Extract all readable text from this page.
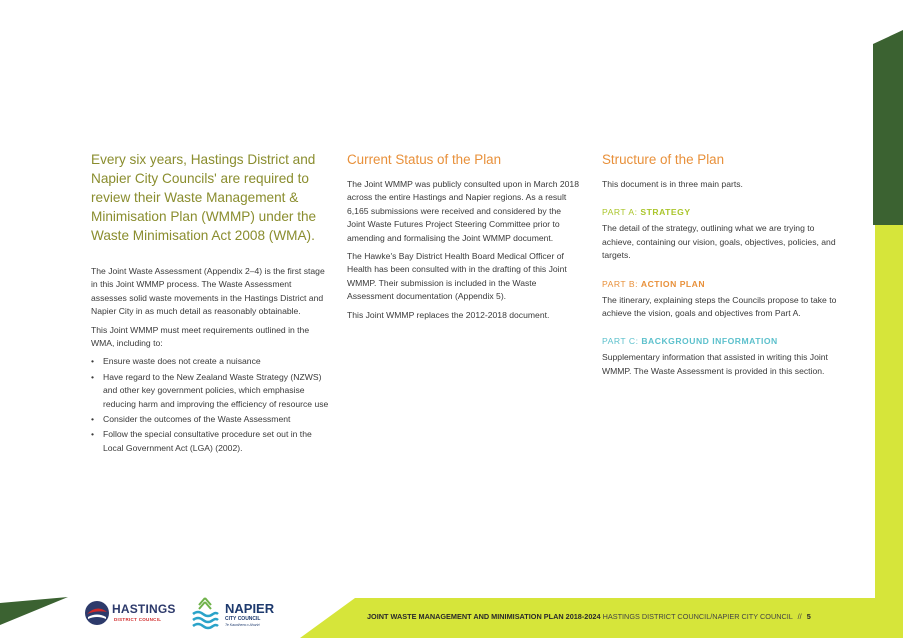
Every six years, Hastings District and Napier City Councils' are required to review their Waste Management & Minimisation Plan (WMMP) under the Waste Minimisation Act 2008 (WMA).

The Joint Waste Assessment (Appendix 2–4) is the first stage in this Joint WMMP process. The Waste Assessment assesses solid waste movements in the Hastings District and Napier City in as much detail as reasonably obtainable.

This Joint WMMP must meet requirements outlined in the WMA, including to:

• Ensure waste does not create a nuisance
• Have regard to the New Zealand Waste Strategy (NZWS) and other key government policies, which emphasise reducing harm and improving the efficiency of resource use
• Consider the outcomes of the Waste Assessment
• Follow the special consultative procedure set out in the Local Government Act (LGA) (2002).
Current Status of the Plan

The Joint WMMP was publicly consulted upon in March 2018 across the entire Hastings and Napier regions. As a result 6,165 submissions were received and considered by the Joint Waste Futures Project Steering Committee prior to amending and formalising the Joint WMMP document.

The Hawke's Bay District Health Board Medical Officer of Health has been consulted with in the drafting of this Joint WMMP. Their submission is included in the Waste Assessment documentation (Appendix 5).

This Joint WMMP replaces the 2012-2018 document.

Structure of the Plan

This document is in three main parts.

PART A: STRATEGY

The detail of the strategy, outlining what we are trying to achieve, containing our vision, goals, objectives, policies, and targets.

PART B: ACTION PLAN

The itinerary, explaining steps the Councils propose to take to achieve the vision, goals and objectives from Part A.

PART C: BACKGROUND INFORMATION

Supplementary information that assisted in writing this Joint WMMP. The Waste Assessment is provided in this section.

HASTINGS
DISTRICT COUNCIL
NAPIER
CITY COUNCIL
Te Kaunihera o Ahuriri
JOINT WASTE MANAGEMENT AND MINIMISATION PLAN 2018-2024 HASTINGS DISTRICT COUNCIL/NAPIER CITY COUNCIL // 5
